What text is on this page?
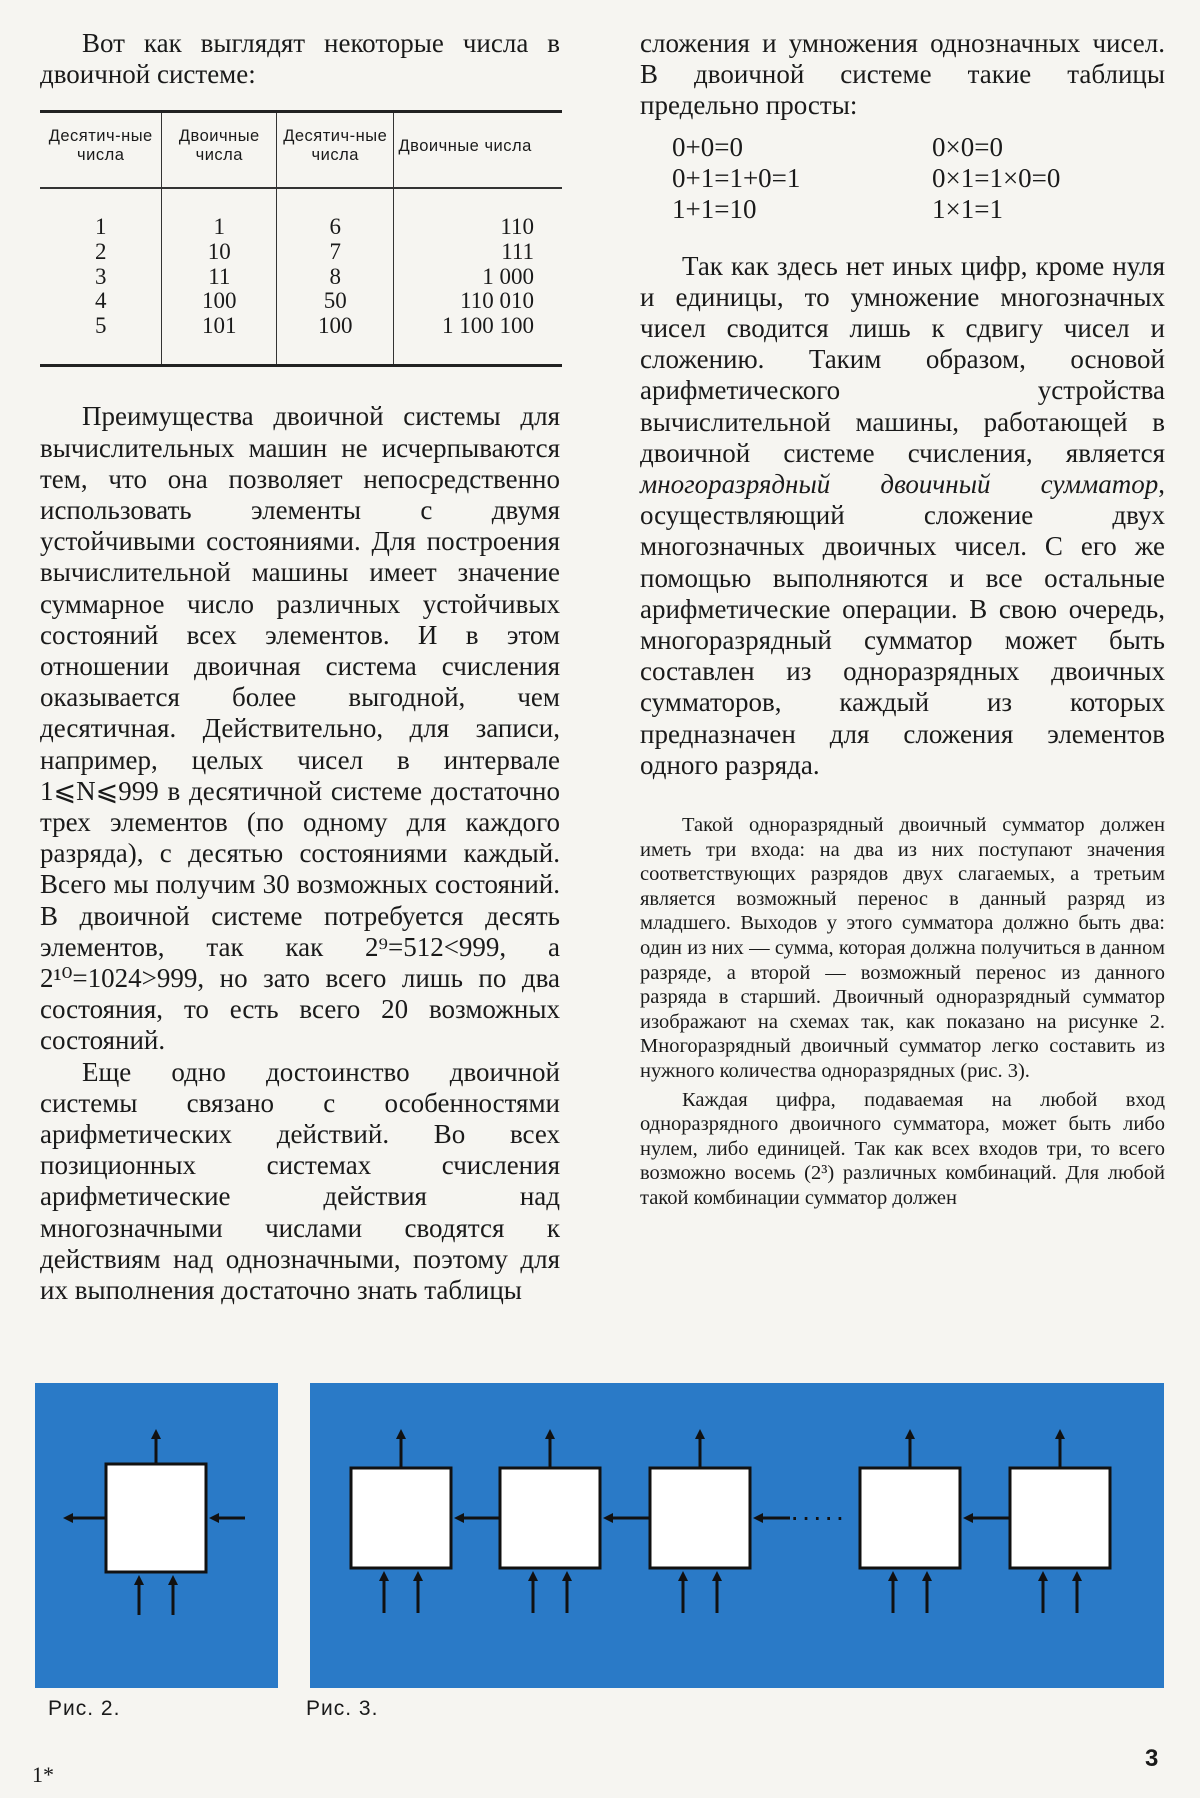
Вот как выглядят некоторые числа в двоичной системе:

Десятич-ные числа	Двоичные числа	Десятич-ные числа	Двоичные числа
1	1	6	110
2	10	7	111
3	11	8	1 000
4	100	50	110 010
5	101	100	1 100 100

Преимущества двоичной системы для вычислительных машин не исчерпываются тем, что она позволяет непосредственно использовать элементы с двумя устойчивыми состояниями. Для построения вычислительной машины имеет значение суммарное число различных устойчивых состояний всех элементов. И в этом отношении двоичная система счисления оказывается более выгодной, чем десятичная. Действительно, для записи, например, целых чисел в интервале 1⩽N⩽999 в десятичной системе достаточно трех элементов (по одному для каждого разряда), с десятью состояниями каждый. Всего мы получим 30 возможных состояний. В двоичной системе потребуется десять элементов, так как 2⁹=512<999, а 2¹⁰=1024>999, но зато всего лишь по два состояния, то есть всего 20 возможных состояний.

Еще одно достоинство двоичной системы связано с особенностями арифметических действий. Во всех позиционных системах счисления арифметические действия над многозначными числами сводятся к действиям над однозначными, поэтому для их выполнения достаточно знать таблицы

сложения и умножения однозначных чисел. В двоичной системе такие таблицы предельно просты:

0+0=0	0×0=0
0+1=1+0=1	0×1=1×0=0
1+1=10	1×1=1

Так как здесь нет иных цифр, кроме нуля и единицы, то умножение многозначных чисел сводится лишь к сдвигу чисел и сложению. Таким образом, основой арифметического устройства вычислительной машины, работающей в двоичной системе счисления, является многоразрядный двоичный сумматор, осуществляющий сложение двух многозначных двоичных чисел. С его же помощью выполняются и все остальные арифметические операции. В свою очередь, многоразрядный сумматор может быть составлен из одноразрядных двоичных сумматоров, каждый из которых предназначен для сложения элементов одного разряда.

Такой одноразрядный двоичный сумматор должен иметь три входа: на два из них поступают значения соответствующих разрядов двух слагаемых, а третьим является возможный перенос в данный разряд из младшего. Выходов у этого сумматора должно быть два: один из них — сумма, которая должна получиться в данном разряде, а второй — возможный перенос из данного разряда в старший. Двоичный одноразрядный сумматор изображают на схемах так, как показано на рисунке 2. Многоразрядный двоичный сумматор легко составить из нужного количества одноразрядных (рис. 3).

Каждая цифра, подаваемая на любой вход одноразрядного двоичного сумматора, может быть либо нулем, либо единицей. Так как всех входов три, то всего возможно восемь (2³) различных комбинаций. Для любой такой комбинации сумматор должен

Рис. 2.
·····
Рис. 3.
1*
3
